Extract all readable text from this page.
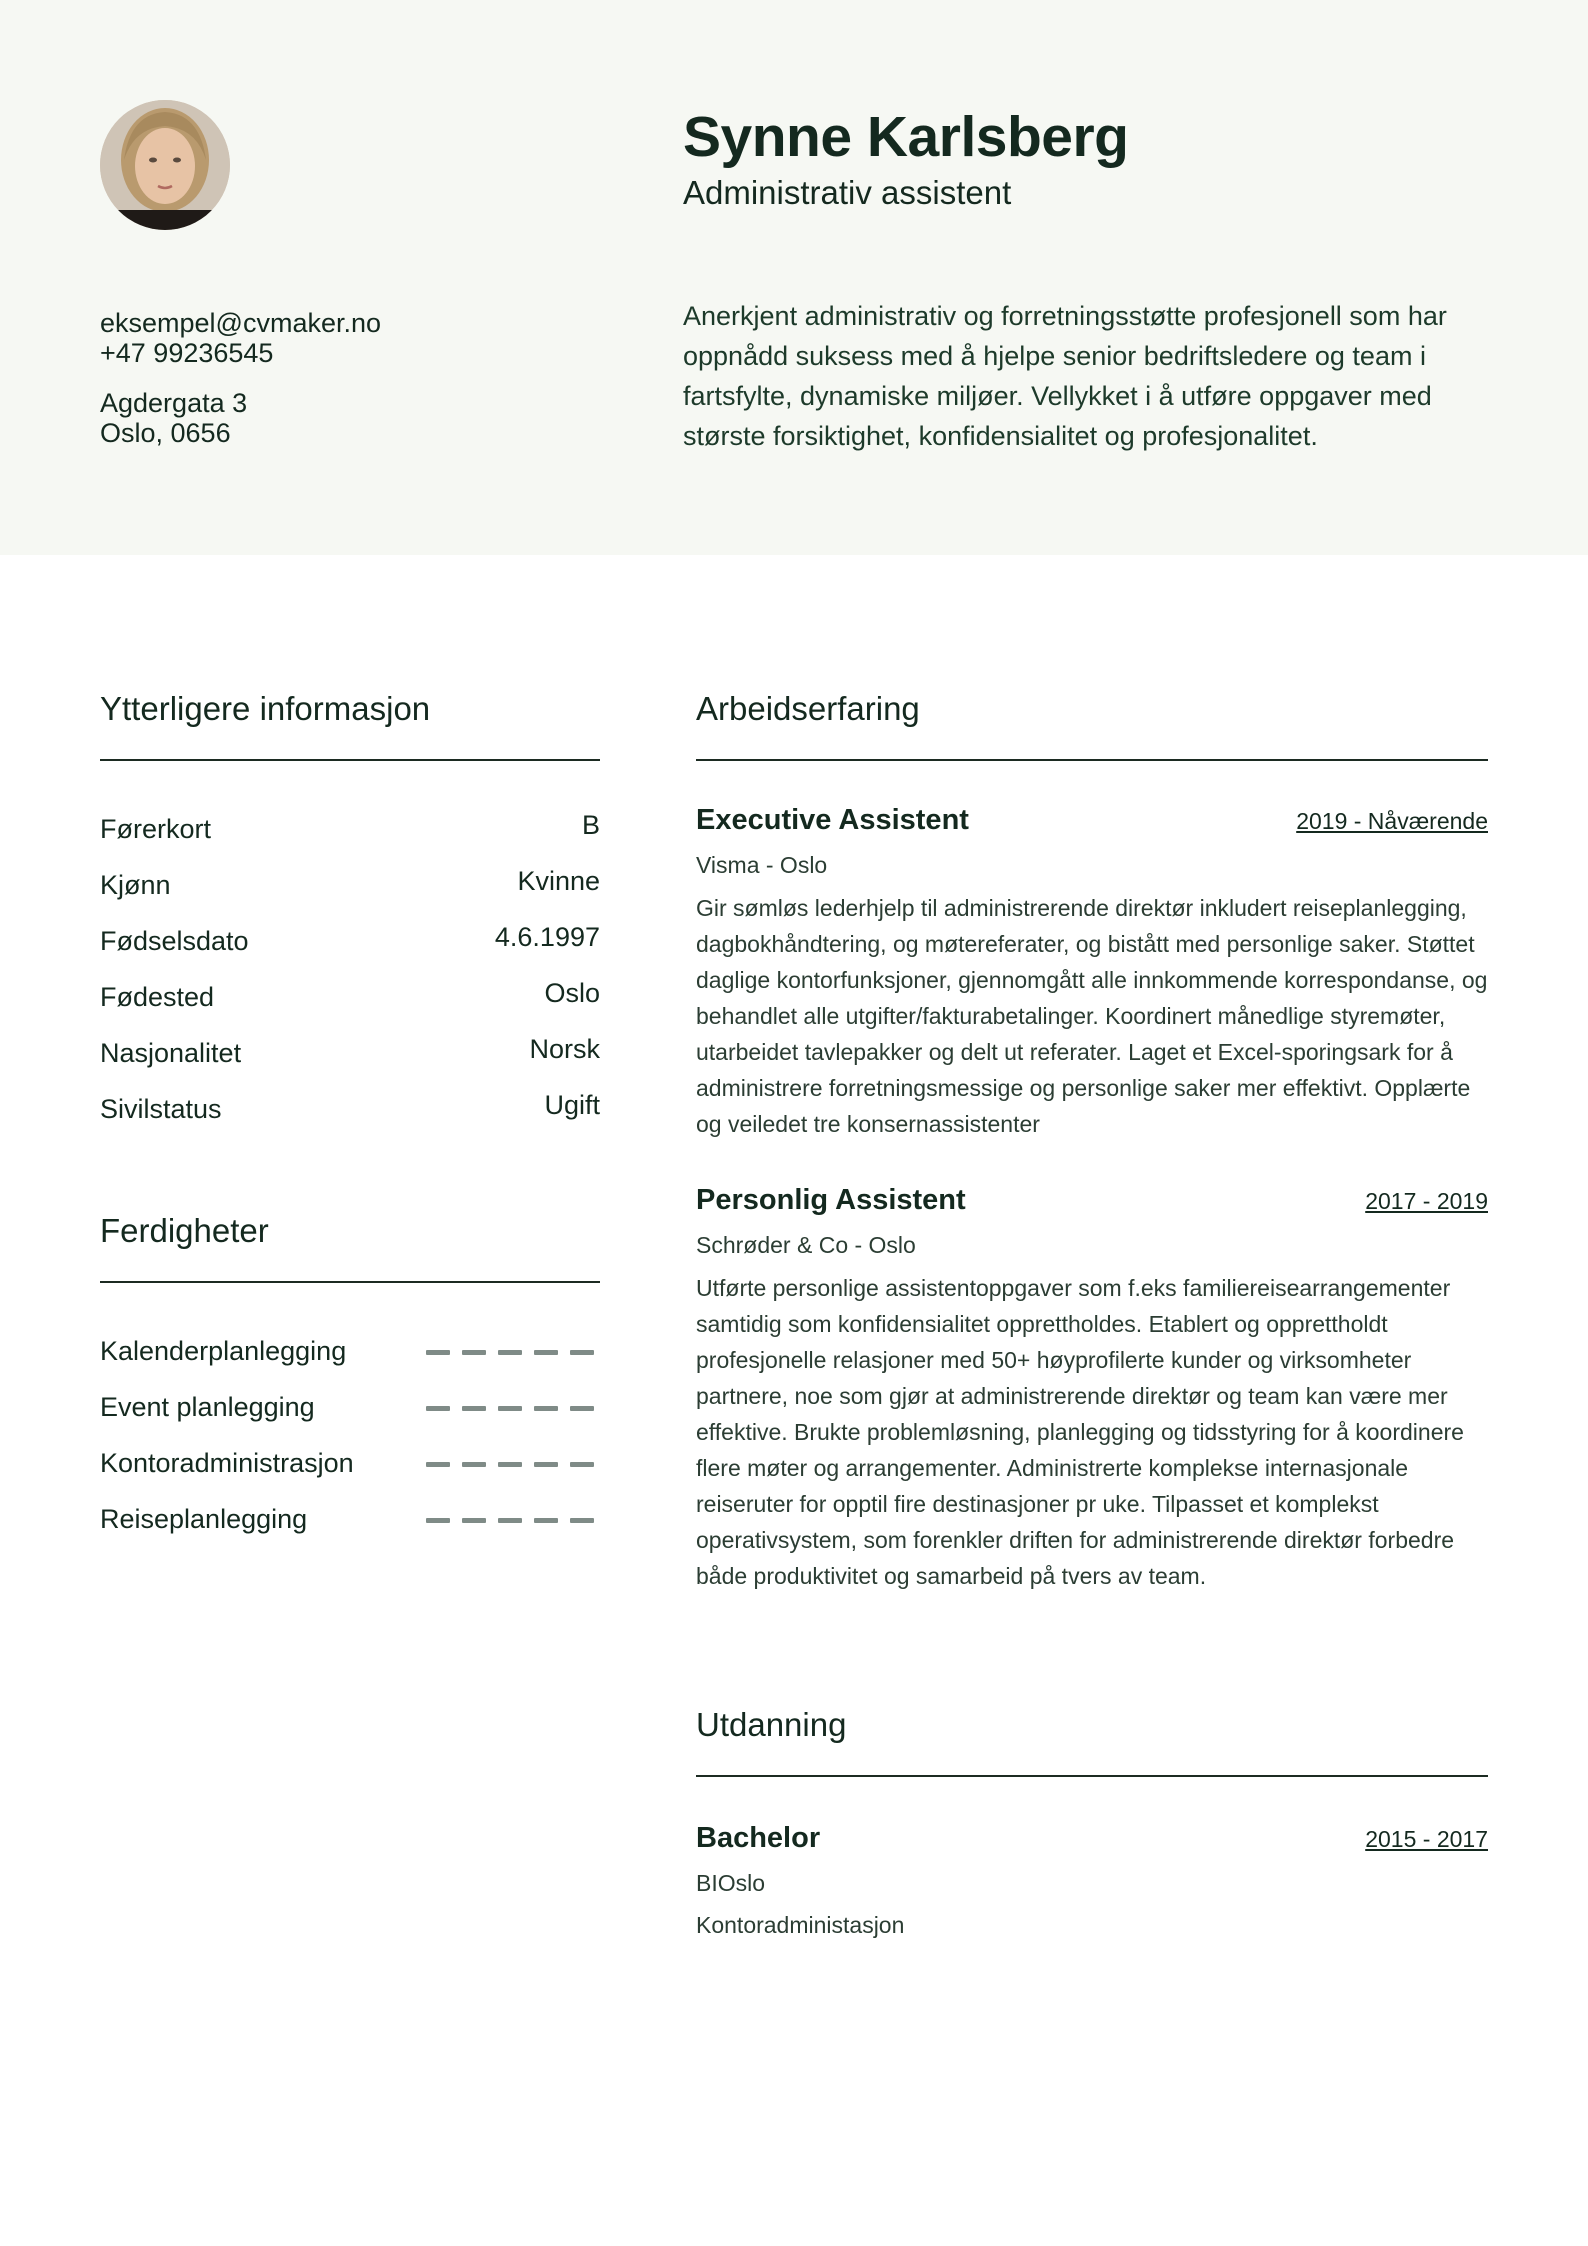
eksempel@cvmaker.no
+47 99236545
Agdergata 3
Oslo, 0656
Synne Karlsberg
Administrativ assistent
Anerkjent administrativ og forretningsstøtte profesjonell som har oppnådd suksess med å hjelpe senior bedriftsledere og team i fartsfylte, dynamiske miljøer. Vellykket i å utføre oppgaver med største forsiktighet, konfidensialitet og profesjonalitet.
Ytterligere informasjon
Førerkort	B
Kjønn	Kvinne
Fødselsdato	4.6.1997
Fødested	Oslo
Nasjonalitet	Norsk
Sivilstatus	Ugift
Ferdigheter
Kalenderplanlegging
Event planlegging
Kontoradministrasjon
Reiseplanlegging
Arbeidserfaring
Executive Assistent	2019 - Nåværende
Visma - Oslo
Gir sømløs lederhjelp til administrerende direktør inkludert reiseplanlegging, dagbokhåndtering, og møtereferater, og bistått med personlige saker. Støttet daglige kontorfunksjoner, gjennomgått alle innkommende korrespondanse, og behandlet alle utgifter/fakturabetalinger. Koordinert månedlige styremøter, utarbeidet tavlepakker og delt ut referater. Laget et Excel-sporingsark for å administrere forretningsmessige og personlige saker mer effektivt. Opplærte og veiledet tre konsernassistenter
Personlig Assistent	2017 - 2019
Schrøder & Co - Oslo
Utførte personlige assistentoppgaver som f.eks familiereisearrangementer samtidig som konfidensialitet opprettholdes. Etablert og opprettholdt profesjonelle relasjoner med 50+ høyprofilerte kunder og virksomheter partnere, noe som gjør at administrerende direktør og team kan være mer effektive. Brukte problemløsning, planlegging og tidsstyring for å koordinere flere møter og arrangementer. Administrerte komplekse internasjonale reiseruter for opptil fire destinasjoner pr uke. Tilpasset et komplekst operativsystem, som forenkler driften for administrerende direktør forbedre både produktivitet og samarbeid på tvers av team.
Utdanning
Bachelor	2015 - 2017
BIOslo
Kontoradministasjon
